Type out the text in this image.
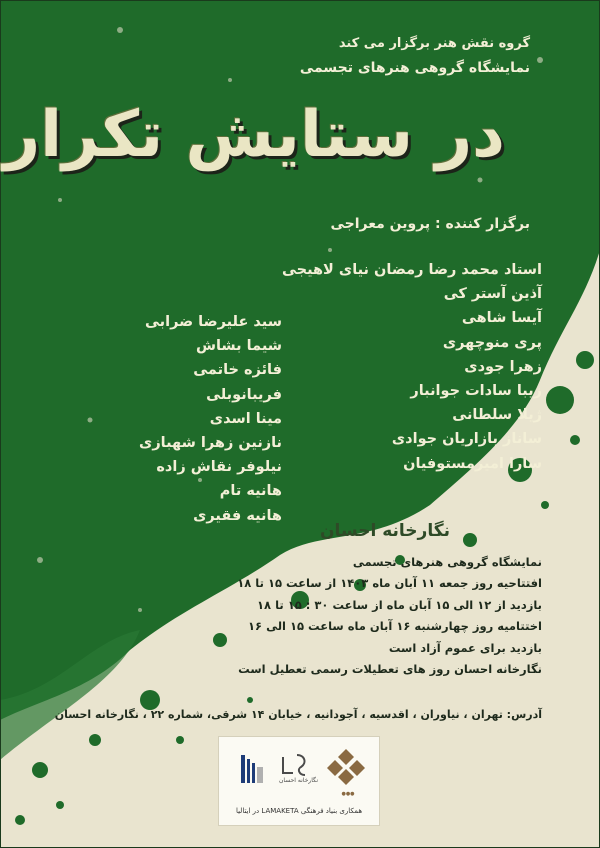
گروه نقش هنر برگزار می کند
نمایشگاه گروهی هنرهای تجسمی
در ستایش تکرار
برگزار کننده : پروین معراجی
استاد محمد رضا رمضان نیای لاهیجی
آذین آستر کی
آیسا شاهی
پری منوچهری
زهرا جودی
زیبا سادات جوانبار
ژیلا سلطانی
ساناز بازاریان جوادی
سارا امیرمستوفیان
سید علیرضا ضرابی
شیما بشاش
فائزه خاتمی
فریبانوبلی
مینا اسدی
نازنین زهرا شهبازی
نیلوفر نقاش زاده
هانیه تام
هانیه فقیری
نگارخانه احسان
نمایشگاه گروهی هنرهای تجسمی
افتتاحیه روز جمعه ۱۱ آبان ماه ۱۴۰۳ از ساعت ۱۵ تا ۱۸
بازدید از ۱۲ الی ۱۵ آبان ماه از ساعت ۳۰ : ۱۵ تا ۱۸
اختتامیه روز چهارشنبه ۱۶ آبان ماه ساعت ۱۵ الی ۱۶
بازدید برای عموم آزاد است
نگارخانه احسان روز های تعطیلات رسمی تعطیل است
آدرس: تهران ، نیاوران ، اقدسیه ، آجودانیه ، خیابان ۱۴ شرقی، شماره ۲۲ ، نگارخانه احسان
●●●
نگارخانه احسان
همکاری بنیاد فرهنگی LAMAKETA در ایتالیا
